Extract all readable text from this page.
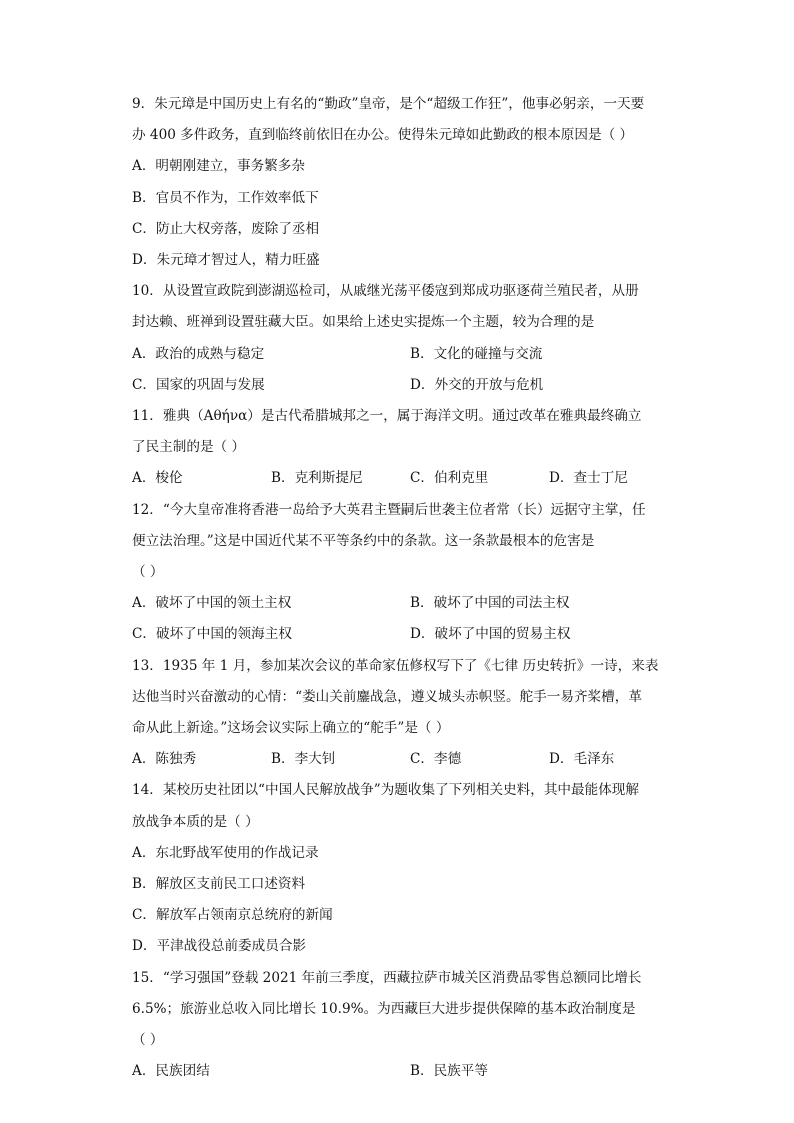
9．朱元璋是中国历史上有名的“勤政”皇帝，是个“超级工作狂”，他事必躬亲，一天要
办 400 多件政务，直到临终前依旧在办公。使得朱元璋如此勤政的根本原因是（ ）
A．明朝刚建立，事务繁多杂
B．官员不作为，工作效率低下
C．防止大权旁落，废除了丞相
D．朱元璋才智过人，精力旺盛
10．从设置宣政院到澎湖巡检司，从戚继光荡平倭寇到郑成功驱逐荷兰殖民者，从册
封达赖、班禅到设置驻藏大臣。如果给上述史实提炼一个主题，较为合理的是
A．政治的成熟与稳定	B．文化的碰撞与交流
C．国家的巩固与发展	D．外交的开放与危机
11．雅典（Αθήνα）是古代希腊城邦之一，属于海洋文明。通过改革在雅典最终确立
了民主制的是（ ）
A．梭伦	B．克利斯提尼	C．伯利克里	D．查士丁尼
12．“今大皇帝准将香港一岛给予大英君主暨嗣后世袭主位者常（长）远据守主掌，任
便立法治理。”这是中国近代某不平等条约中的条款。这一条款最根本的危害是
（ ）
A．破坏了中国的领土主权	B．破坏了中国的司法主权
C．破坏了中国的领海主权	D．破坏了中国的贸易主权
13．1935 年 1 月，参加某次会议的革命家伍修权写下了《七律 历史转折》一诗，来表
达他当时兴奋激动的心情：“娄山关前鏖战急，遵义城头赤帜竖。舵手一易齐桨槽，革
命从此上新途。”这场会议实际上确立的“舵手”是（ ）
A．陈独秀	B．李大钊	C．李德	D．毛泽东
14．某校历史社团以“中国人民解放战争”为题收集了下列相关史料，其中最能体现解
放战争本质的是（ ）
A．东北野战军使用的作战记录
B．解放区支前民工口述资料
C．解放军占领南京总统府的新闻
D．平津战役总前委成员合影
15．“学习强国”登载 2021 年前三季度，西藏拉萨市城关区消费品零售总额同比增长
6.5%；旅游业总收入同比增长 10.9%。为西藏巨大进步提供保障的基本政治制度是
（ ）
A．民族团结	B．民族平等
